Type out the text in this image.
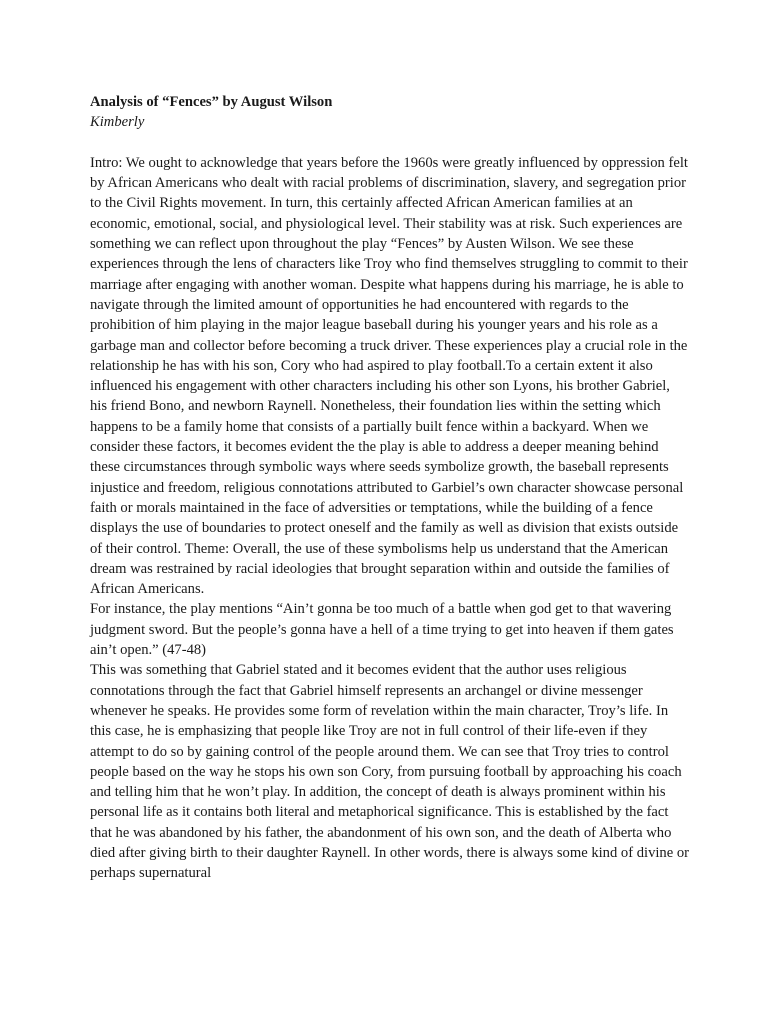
Analysis of “Fences” by August Wilson

Kimberly

Intro: We ought to acknowledge that years before the 1960s were greatly influenced by oppression felt by African Americans who dealt with racial problems of discrimination, slavery, and segregation prior to the Civil Rights movement. In turn, this certainly affected African American families at an economic, emotional, social, and physiological level. Their stability was at risk. Such experiences are something we can reflect upon throughout the play “Fences” by Austen Wilson. We see these experiences through the lens of characters like Troy who find themselves struggling to commit to their marriage after engaging with another woman. Despite what happens during his marriage, he is able to navigate through the limited amount of opportunities he had encountered with regards to the prohibition of him playing in the major league baseball during his younger years and his role as a garbage man and collector before becoming a truck driver. These experiences play a crucial role in the relationship he has with his son, Cory who had aspired to play football.To a certain extent it also influenced his engagement with other characters including his other son Lyons, his brother Gabriel, his friend Bono, and newborn Raynell. Nonetheless, their foundation lies within the setting which happens to be a family home that consists of a partially built fence within a backyard. When we consider these factors, it becomes evident the the play is able to address a deeper meaning behind these circumstances through symbolic ways where seeds symbolize growth, the baseball represents injustice and freedom, religious connotations attributed to Garbiel’s own character showcase personal faith or morals maintained in the face of adversities or temptations, while the building of a fence displays the use of boundaries to protect oneself and the family as well as division that exists outside of their control. Theme: Overall, the use of these symbolisms help us understand that the American dream was restrained by racial ideologies that brought separation within and outside the families of African Americans.

For instance, the play mentions “Ain’t gonna be too much of a battle when god get to that wavering judgment sword. But the people’s gonna have a hell of a time trying to get into heaven if them gates ain’t open.” (47-48)

This was something that Gabriel stated and it becomes evident that the author uses religious connotations through the fact that Gabriel himself represents an archangel or divine messenger whenever he speaks. He provides some form of revelation within the main character, Troy’s life. In this case, he is emphasizing that people like Troy are not in full control of their life-even if they attempt to do so by gaining control of the people around them. We can see that Troy tries to control people based on the way he stops his own son Cory, from pursuing football by approaching his coach and telling him that he won’t play. In addition, the concept of death is always prominent within his personal life as it contains both literal and metaphorical significance. This is established by the fact that he was abandoned by his father, the abandonment of his own son, and the death of Alberta who died after giving birth to their daughter Raynell. In other words, there is always some kind of divine or perhaps supernatural
